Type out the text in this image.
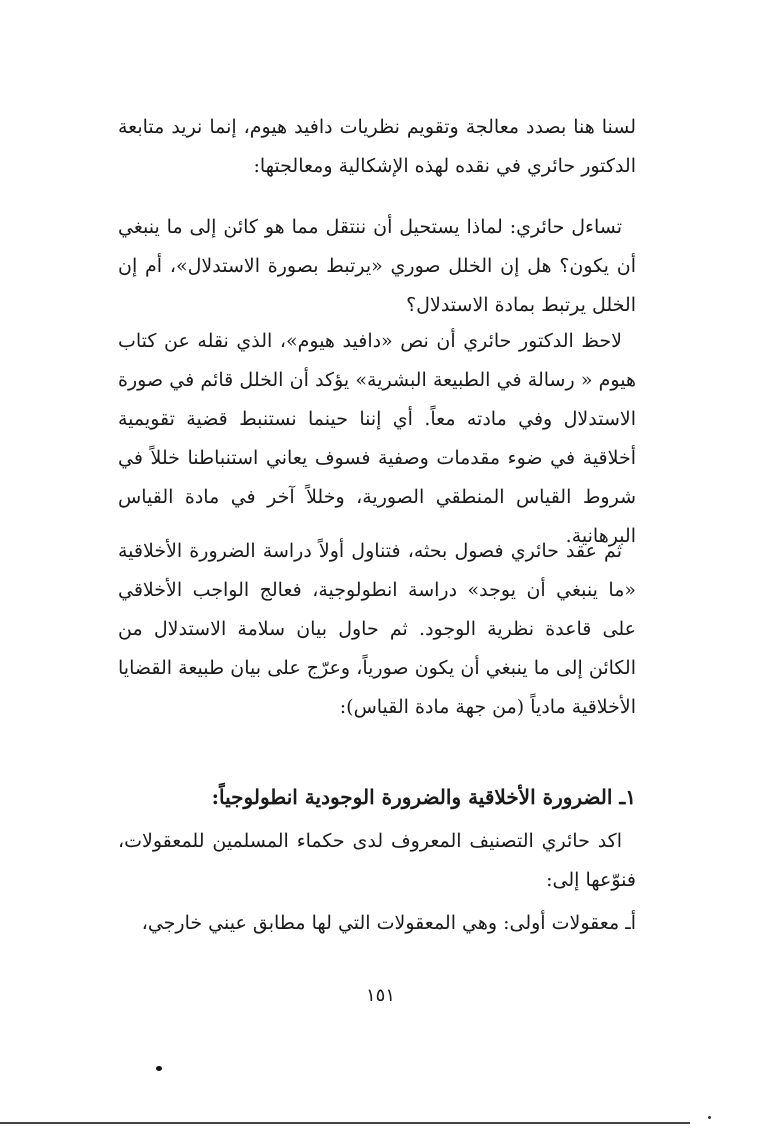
لسنا هنا بصدد معالجة وتقويم نظريات دافيد هيوم، إنما نريد متابعة الدكتور حائري في نقده لهذه الإشكالية ومعالجتها:

تساءل حائري: لماذا يستحيل أن ننتقل مما هو كائن إلى ما ينبغي أن يكون؟ هل إن الخلل صوري «يرتبط بصورة الاستدلال»، أم إن الخلل يرتبط بمادة الاستدلال؟

لاحظ الدكتور حائري أن نص «دافيد هيوم»، الذي نقله عن كتاب هيوم « رسالة في الطبيعة البشرية» يؤكد أن الخلل قائم في صورة الاستدلال وفي مادته معاً. أي إننا حينما نستنبط قضية تقويمية أخلاقية في ضوء مقدمات وصفية فسوف يعاني استنباطنا خللاً في شروط القياس المنطقي الصورية، وخللاً آخر في مادة القياس البرهانية.

ثم عقد حائري فصول بحثه، فتناول أولاً دراسة الضرورة الأخلاقية «ما ينبغي أن يوجد» دراسة انطولوجية، فعالج الواجب الأخلاقي على قاعدة نظرية الوجود. ثم حاول بيان سلامة الاستدلال من الكائن إلى ما ينبغي أن يكون صورياً، وعرّج على بيان طبيعة القضايا الأخلاقية مادياً (من جهة مادة القياس):

١ـ الضرورة الأخلاقية والضرورة الوجودية انطولوجياً:

اكد حائري التصنيف المعروف لدى حكماء المسلمين للمعقولات، فنوّعها إلى:

أـ معقولات أولى: وهي المعقولات التي لها مطابق عيني خارجي،

١٥١
